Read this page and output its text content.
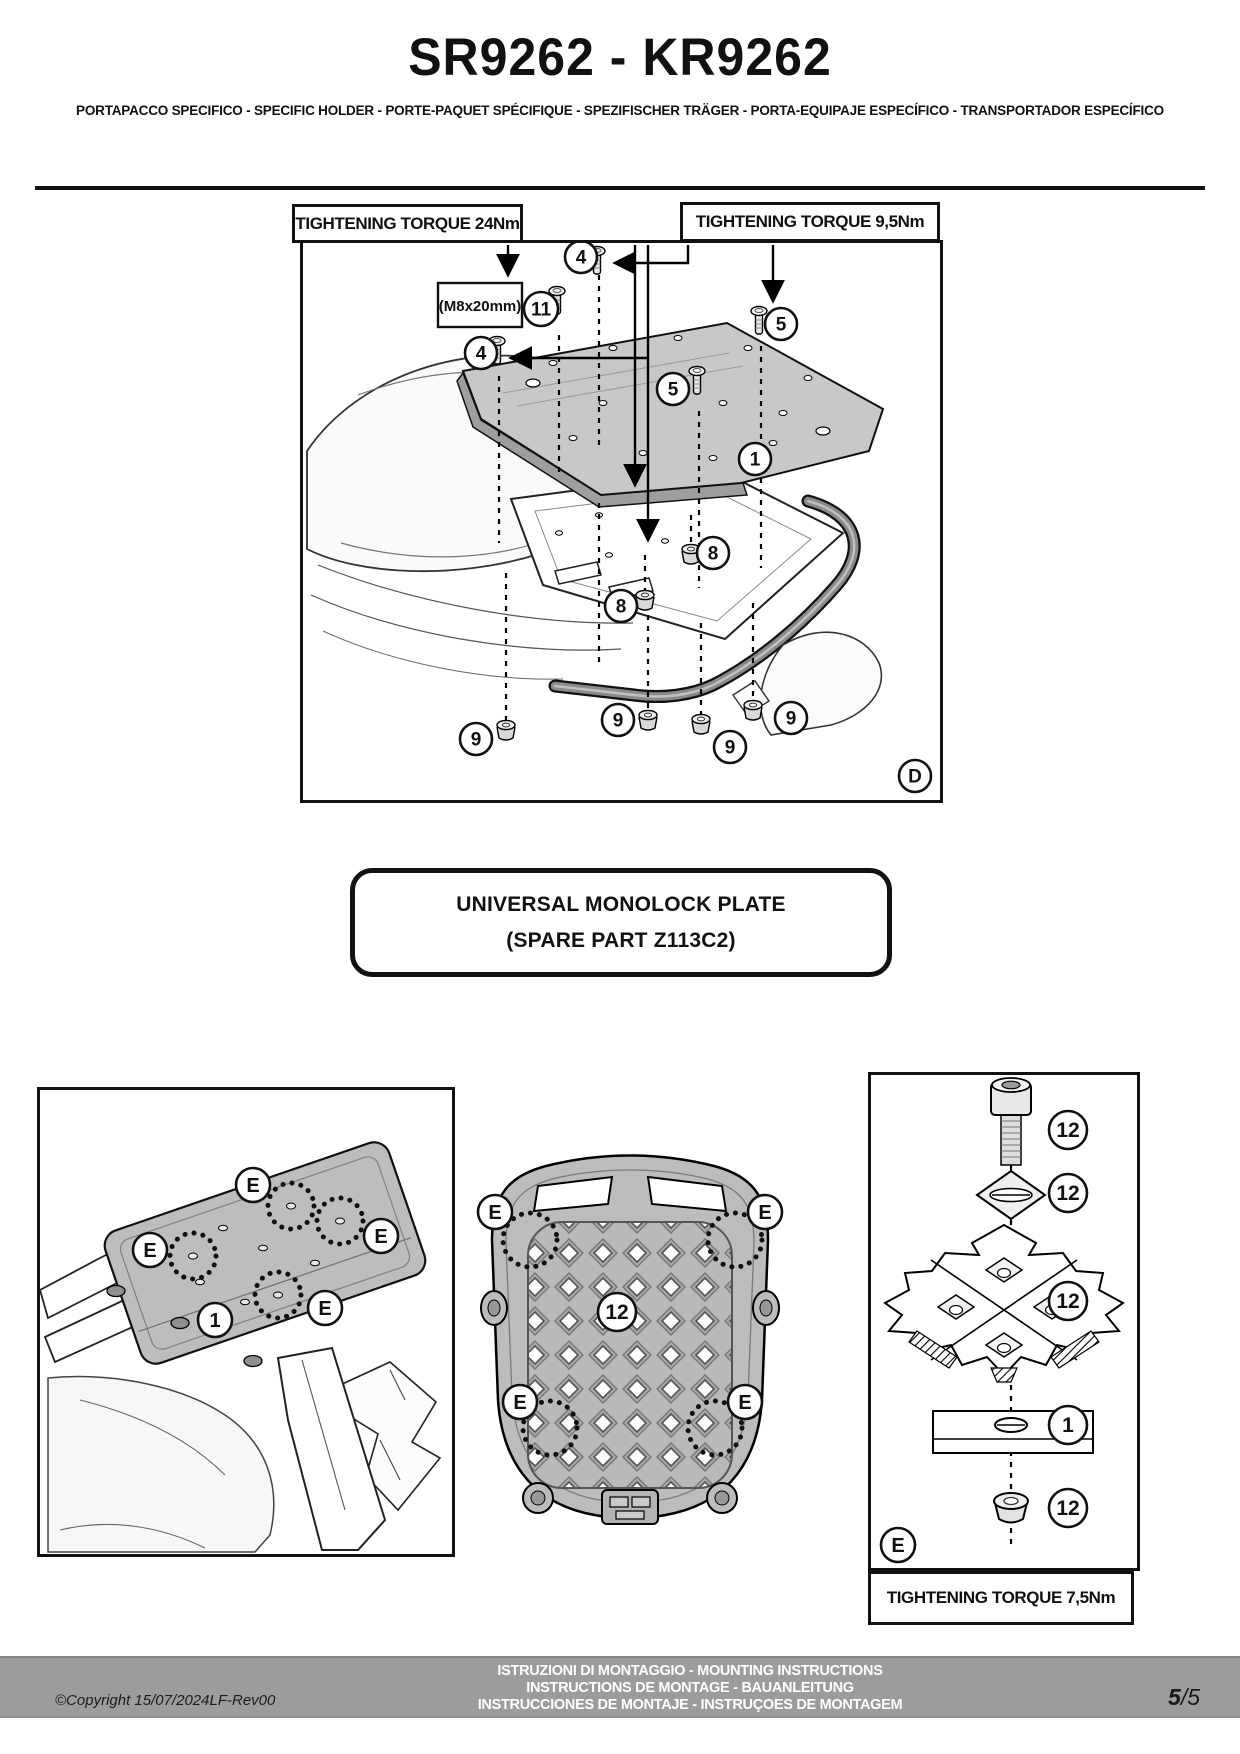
SR9262 - KR9262
PORTAPACCO SPECIFICO - SPECIFIC HOLDER - PORTE-PAQUET SPÉCIFIQUE - SPEZIFISCHER TRÄGER - PORTA-EQUIPAJE ESPECÍFICO - TRANSPORTADOR ESPECÍFICO
TIGHTENING TORQUE 24Nm	TIGHTENING TORQUE 9,5Nm
(M8x20mm)
4
11
4
5
5
1
8
8
9
9
9
9
D
UNIVERSAL MONOLOCK PLATE
(SPARE PART Z113C2)
E
E
E
E
1
E	E
E	E
12
12
12
12
1
12
E
TIGHTENING TORQUE 7,5Nm
©Copyright 15/07/2024LF-Rev00
ISTRUZIONI DI MONTAGGIO - MOUNTING INSTRUCTIONS
INSTRUCTIONS DE MONTAGE - BAUANLEITUNG
INSTRUCCIONES DE MONTAJE - INSTRUÇOES DE MONTAGEM	5/5
